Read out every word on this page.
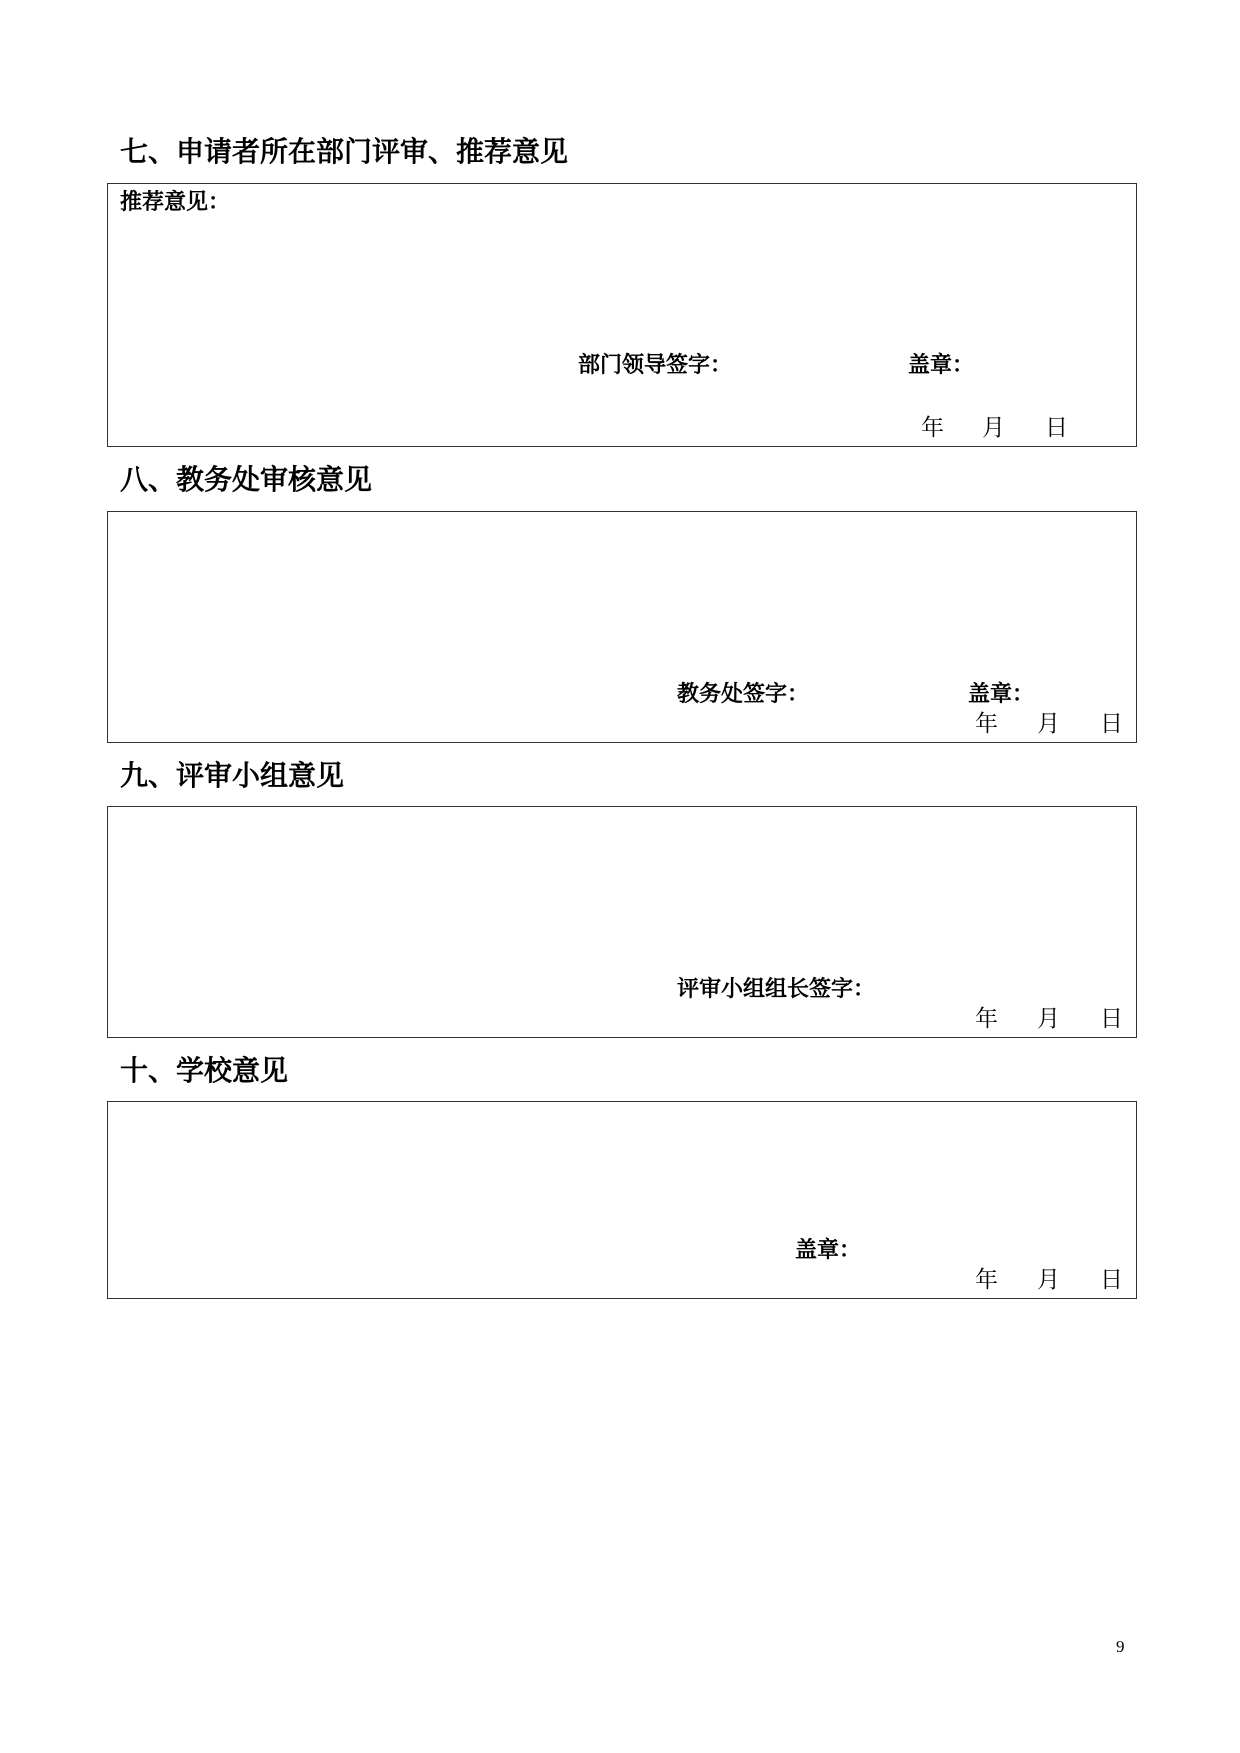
七、申请者所在部门评审、推荐意见
推荐意见：
部门领导签字：	盖章：
年 月 日
八、教务处审核意见
教务处签字：	盖章：
年 月 日
九、评审小组意见
评审小组组长签字：
年 月 日
十、学校意见
盖章：
年 月 日
9
